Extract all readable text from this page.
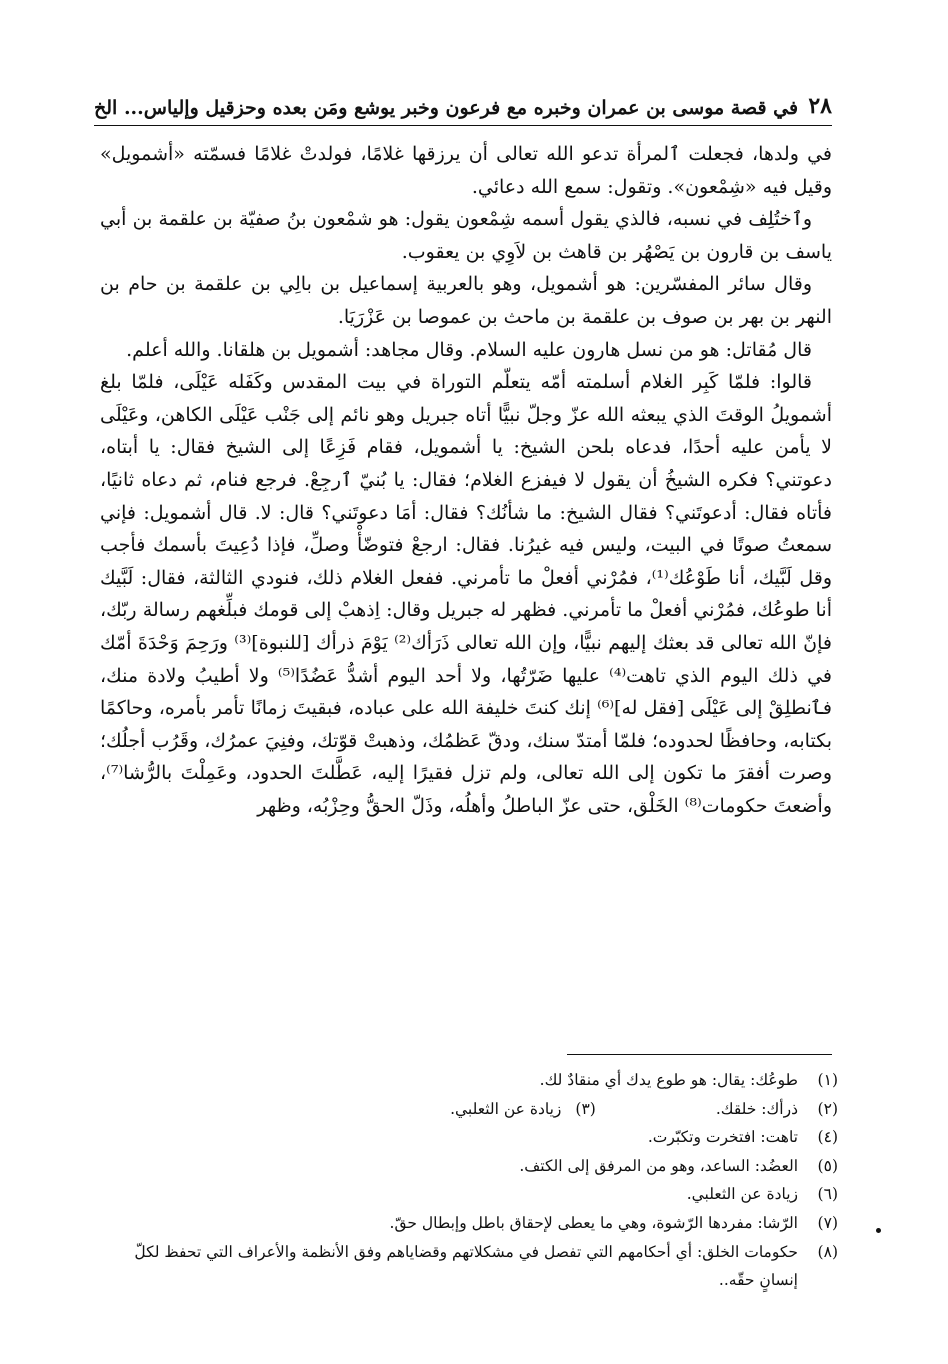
٢٨
في قصة موسى بن عمران وخبره مع فرعون وخبر يوشع ومَن بعده وحزقيل وإلياس... الخ

في ولدها، فجعلت ٱلمرأة تدعو الله تعالى أن يرزقها غلامًا، فولدتْ غلامًا فسمّته «أشمويل» وقيل فيه «شِمْعون». وتقول: سمع الله دعائي.

وٱختُلِف في نسبه، فالذي يقول أسمه شِمْعون يقول: هو شمْعون بنُ صفيّة بن علقمة بن أبي ياسف بن قارون بن يَصْهُر بن قاهث بن لاَوِي بن يعقوب.

وقال سائر المفسّرين: هو أشمويل، وهو بالعربية إسماعيل بن بالِي بن علقمة بن حام بن النهر بن بهر بن صوف بن علقمة بن ماحث بن عموصا بن عَزْرَيَا.

قال مُقاتل: هو من نسل هارون عليه السلام. وقال مجاهد: أشمويل بن هلقانا. والله أعلم.

قالوا: فلمّا كَبِر الغلام أسلمته أمّه يتعلّم التوراة في بيت المقدس وكَفَله عَيْلَى، فلمّا بلغ أشمويلُ الوقتَ الذي يبعثه الله عزّ وجلّ نبيًّا أتاه جبريل وهو نائم إلى جَنْب عَيْلَى الكاهن، وعَيْلَى لا يأمن عليه أحدًا، فدعاه بلحن الشيخ: يا أشمويل، فقام فَزِعًا إلى الشيخ فقال: يا أبتاه، دعوتني؟ فكره الشيخُ أن يقول لا فيفزع الغلام؛ فقال: يا بُنيّ ٱرجِعْ. فرجع فنام، ثم دعاه ثانيًا، فأتاه فقال: أدعوتَني؟ فقال الشيخ: ما شأنُك؟ فقال: أمَا دعوتَني؟ قال: لا. قال أشمويل: فإني سمعتُ صوتًا في البيت، وليس فيه غيرُنا. فقال: ارجعْ فتوضّأْ وصلِّ، فإذا دُعِيتَ بأسمك فأجب وقل لَبَّيك، أنا طَوْعُك⁽¹⁾، فمُرْني أفعلْ ما تأمرني. ففعل الغلام ذلك، فنودي الثالثة، فقال: لَبَّيك أنا طوعُك، فمُرْني أفعلْ ما تأمرني. فظهر له جبريل وقال: اِذهبْ إلى قومك فبلِّغهم رسالة ربّك، فإنّ الله تعالى قد بعثك إليهم نبيًّا، وإن الله تعالى ذَرَأك⁽²⁾ يَوْمَ ذرأك [للنبوة]⁽³⁾ ورَحِمَ وَحْدَةَ أمّك في ذلك اليوم الذي تاهت⁽⁴⁾ عليها ضَرّتُها، ولا أحد اليوم أشدُّ عَضُدًا⁽⁵⁾ ولا أطيبُ ولادة منك، فٱنطلِقْ إلى عَيْلَى [فقل له]⁽⁶⁾ إنك كنتَ خليفة الله على عباده، فبقيتَ زمانًا تأمر بأمره، وحاكمًا بكتابه، وحافظًا لحدوده؛ فلمّا أمتدّ سنك، ودقّ عَظمُك، وذهبتْ قوّتك، وفنِيَ عمرُك، وقَرُب أجلُك؛ وصرت أفقرَ ما تكون إلى الله تعالى، ولم تزل فقيرًا إليه، عَطَّلتَ الحدود، وعَمِلْتَ بالرُّشا⁽⁷⁾، وأضعتَ حكومات⁽⁸⁾ الخَلْق، حتى عزّ الباطلُ وأهلُه، وذَلّ الحقُّ وحِزْبُه، وظهر

(١)
طوعُك: يقال: هو طوع يدك أي منقادٌ لك.
(٢)
ذرأك: خلقك.
(٣)
زيادة عن الثعلبي.
(٤)
تاهت: افتخرت وتكبّرت.
(٥)
العضُد: الساعد، وهو من المرفق إلى الكتف.
(٦)
زيادة عن الثعلبي.
(٧)
الرّشا: مفردها الرّشوة، وهي ما يعطى لإحقاق باطل وإبطال حقّ.
(٨)
حكومات الخلق: أي أحكامهم التي تفصل في مشكلاتهم وقضاياهم وفق الأنظمة والأعراف التي تحفظ لكلّ إنسانٍ حقّه..
